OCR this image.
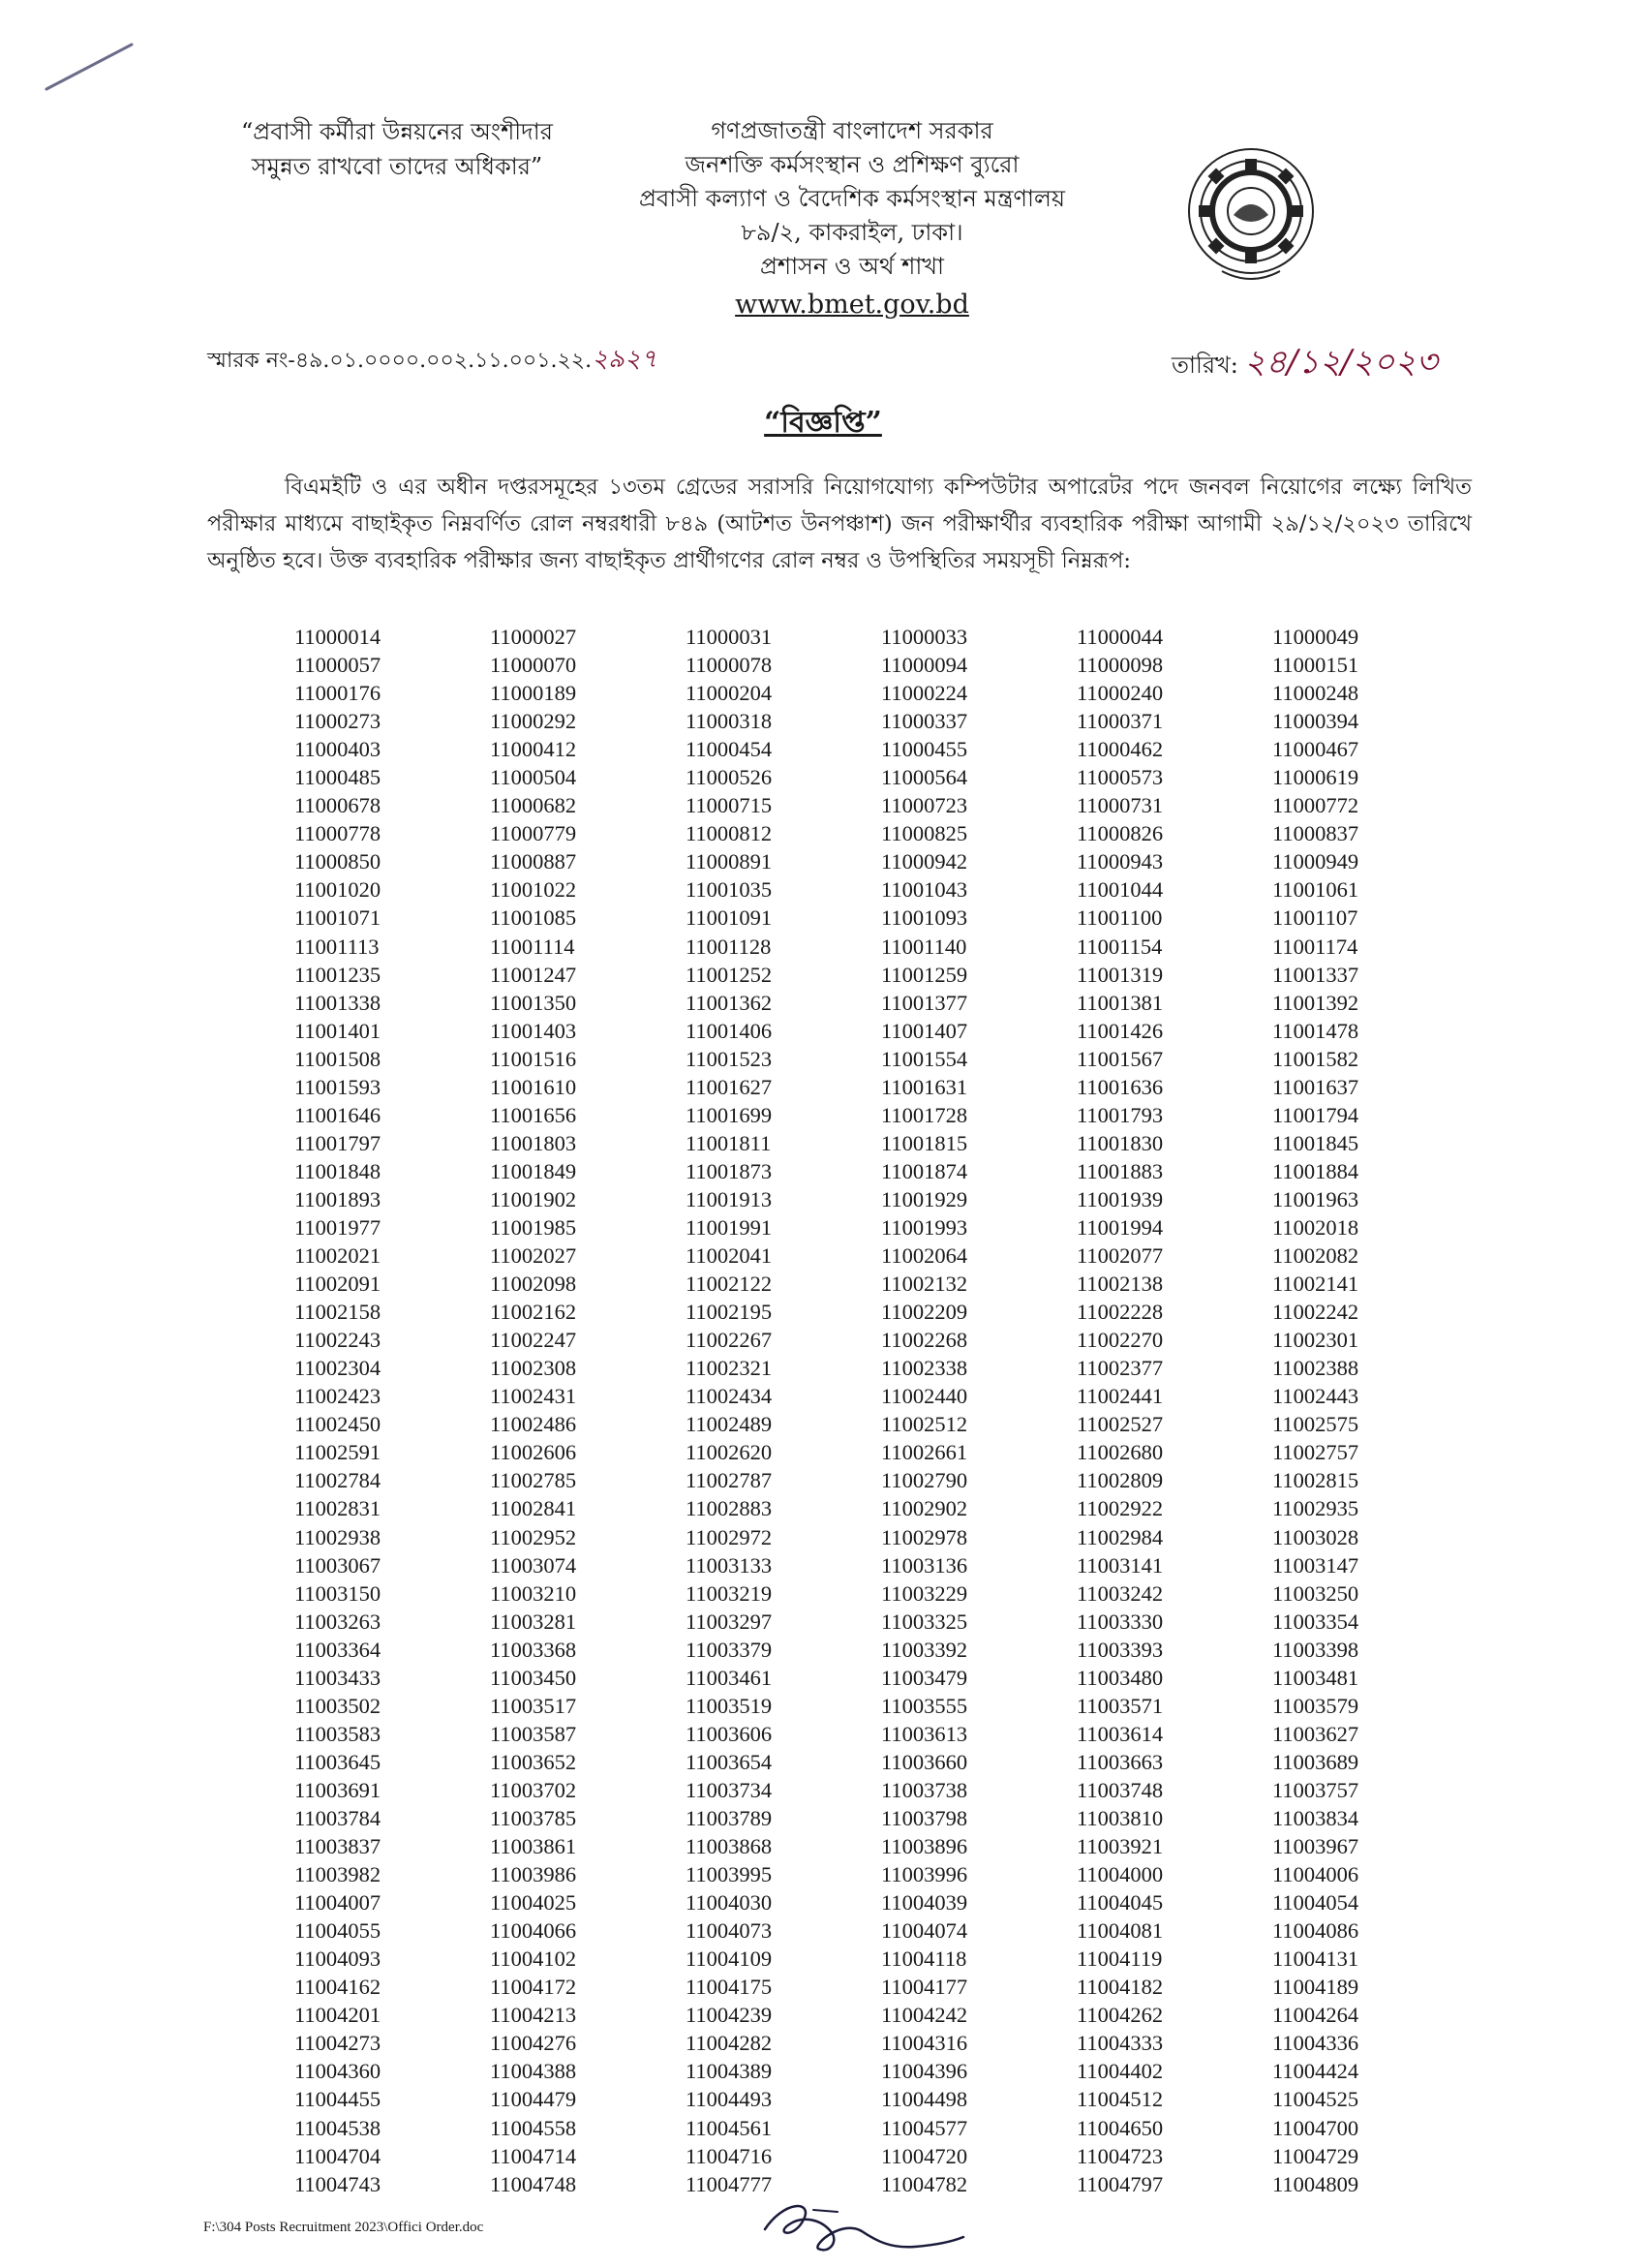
“প্রবাসী কর্মীরা উন্নয়নের অংশীদার
সমুন্নত রাখবো তাদের অধিকার”
গণপ্রজাতন্ত্রী বাংলাদেশ সরকার
জনশক্তি কর্মসংস্থান ও প্রশিক্ষণ ব্যুরো
প্রবাসী কল্যাণ ও বৈদেশিক কর্মসংস্থান মন্ত্রণালয়
৮৯/২, কাকরাইল, ঢাকা।
প্রশাসন ও অর্থ শাখা
www.bmet.gov.bd
স্মারক নং-৪৯.০১.০০০০.০০২.১১.০০১.২২.২৯২৭	তারিখ: ২৪/১২/২০২৩
“বিজ্ঞপ্তি”
বিএমইটি ও এর অধীন দপ্তরসমূহের ১৩তম গ্রেডের সরাসরি নিয়োগযোগ্য কম্পিউটার অপারেটর পদে জনবল নিয়োগের লক্ষ্যে লিখিত পরীক্ষার মাধ্যমে বাছাইকৃত নিম্নবর্ণিত রোল নম্বরধারী ৮৪৯ (আটশত উনপঞ্চাশ) জন পরীক্ষার্থীর ব্যবহারিক পরীক্ষা আগামী ২৯/১২/২০২৩ তারিখে অনুষ্ঠিত হবে। উক্ত ব্যবহারিক পরীক্ষার জন্য বাছাইকৃত প্রার্থীগণের রোল নম্বর ও উপস্থিতির সময়সূচী নিম্নরূপ:
11000014	11000027	11000031	11000033	11000044	11000049
11000057	11000070	11000078	11000094	11000098	11000151
11000176	11000189	11000204	11000224	11000240	11000248
11000273	11000292	11000318	11000337	11000371	11000394
11000403	11000412	11000454	11000455	11000462	11000467
11000485	11000504	11000526	11000564	11000573	11000619
11000678	11000682	11000715	11000723	11000731	11000772
11000778	11000779	11000812	11000825	11000826	11000837
11000850	11000887	11000891	11000942	11000943	11000949
11001020	11001022	11001035	11001043	11001044	11001061
11001071	11001085	11001091	11001093	11001100	11001107
11001113	11001114	11001128	11001140	11001154	11001174
11001235	11001247	11001252	11001259	11001319	11001337
11001338	11001350	11001362	11001377	11001381	11001392
11001401	11001403	11001406	11001407	11001426	11001478
11001508	11001516	11001523	11001554	11001567	11001582
11001593	11001610	11001627	11001631	11001636	11001637
11001646	11001656	11001699	11001728	11001793	11001794
11001797	11001803	11001811	11001815	11001830	11001845
11001848	11001849	11001873	11001874	11001883	11001884
11001893	11001902	11001913	11001929	11001939	11001963
11001977	11001985	11001991	11001993	11001994	11002018
11002021	11002027	11002041	11002064	11002077	11002082
11002091	11002098	11002122	11002132	11002138	11002141
11002158	11002162	11002195	11002209	11002228	11002242
11002243	11002247	11002267	11002268	11002270	11002301
11002304	11002308	11002321	11002338	11002377	11002388
11002423	11002431	11002434	11002440	11002441	11002443
11002450	11002486	11002489	11002512	11002527	11002575
11002591	11002606	11002620	11002661	11002680	11002757
11002784	11002785	11002787	11002790	11002809	11002815
11002831	11002841	11002883	11002902	11002922	11002935
11002938	11002952	11002972	11002978	11002984	11003028
11003067	11003074	11003133	11003136	11003141	11003147
11003150	11003210	11003219	11003229	11003242	11003250
11003263	11003281	11003297	11003325	11003330	11003354
11003364	11003368	11003379	11003392	11003393	11003398
11003433	11003450	11003461	11003479	11003480	11003481
11003502	11003517	11003519	11003555	11003571	11003579
11003583	11003587	11003606	11003613	11003614	11003627
11003645	11003652	11003654	11003660	11003663	11003689
11003691	11003702	11003734	11003738	11003748	11003757
11003784	11003785	11003789	11003798	11003810	11003834
11003837	11003861	11003868	11003896	11003921	11003967
11003982	11003986	11003995	11003996	11004000	11004006
11004007	11004025	11004030	11004039	11004045	11004054
11004055	11004066	11004073	11004074	11004081	11004086
11004093	11004102	11004109	11004118	11004119	11004131
11004162	11004172	11004175	11004177	11004182	11004189
11004201	11004213	11004239	11004242	11004262	11004264
11004273	11004276	11004282	11004316	11004333	11004336
11004360	11004388	11004389	11004396	11004402	11004424
11004455	11004479	11004493	11004498	11004512	11004525
11004538	11004558	11004561	11004577	11004650	11004700
11004704	11004714	11004716	11004720	11004723	11004729
11004743	11004748	11004777	11004782	11004797	11004809
F:\304 Posts Recruitment 2023\Offici Order.doc
